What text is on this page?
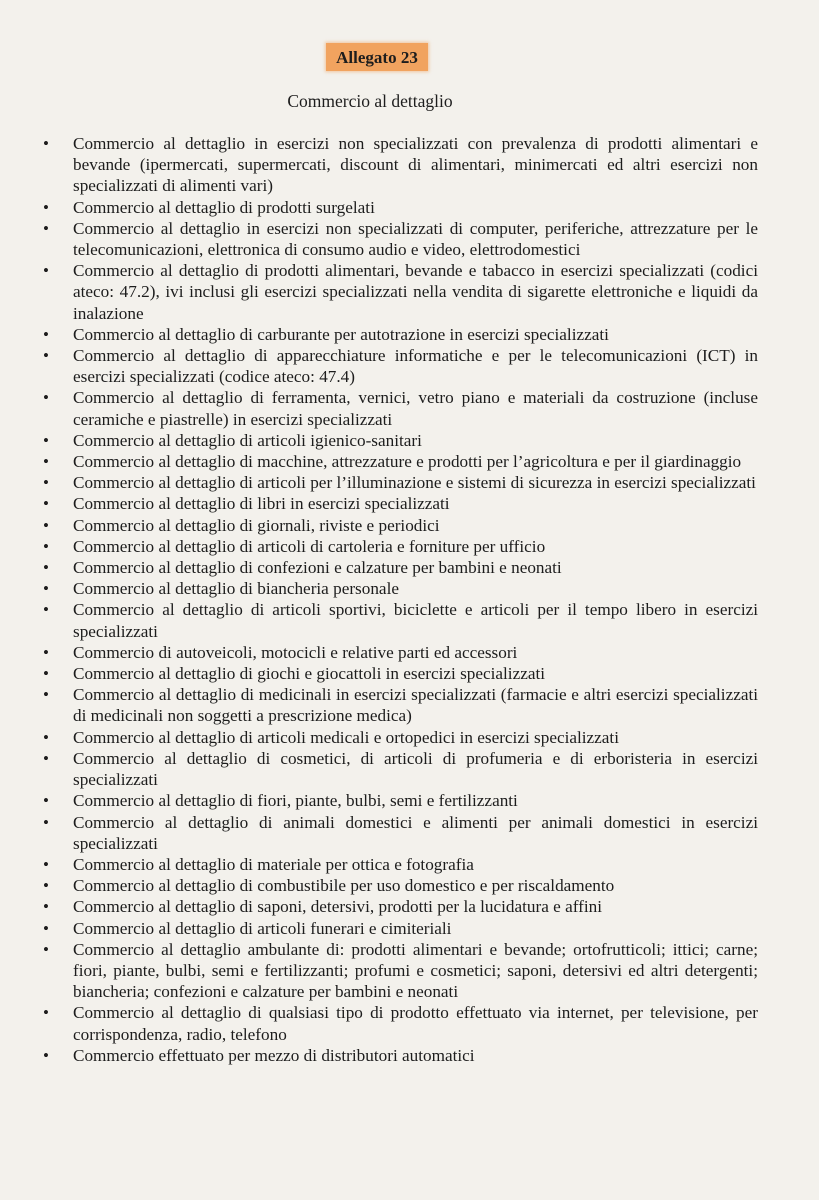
Allegato 23
Commercio al dettaglio
• Commercio al dettaglio in esercizi non specializzati con prevalenza di prodotti alimentari e bevande (ipermercati, supermercati, discount di alimentari, minimercati ed altri esercizi non specializzati di alimenti vari)
• Commercio al dettaglio di prodotti surgelati
• Commercio al dettaglio in esercizi non specializzati di computer, periferiche, attrezzature per le telecomunicazioni, elettronica di consumo audio e video, elettrodomestici
• Commercio al dettaglio di prodotti alimentari, bevande e tabacco in esercizi specializzati (codici ateco: 47.2), ivi inclusi gli esercizi specializzati nella vendita di sigarette elettroniche e liquidi da inalazione
• Commercio al dettaglio di carburante per autotrazione in esercizi specializzati
• Commercio al dettaglio di apparecchiature informatiche e per le telecomunicazioni (ICT) in esercizi specializzati (codice ateco: 47.4)
• Commercio al dettaglio di ferramenta, vernici, vetro piano e materiali da costruzione (incluse ceramiche e piastrelle) in esercizi specializzati
• Commercio al dettaglio di articoli igienico-sanitari
• Commercio al dettaglio di macchine, attrezzature e prodotti per l’agricoltura e per il giardinaggio
• Commercio al dettaglio di articoli per l’illuminazione e sistemi di sicurezza in esercizi specializzati
• Commercio al dettaglio di libri in esercizi specializzati
• Commercio al dettaglio di giornali, riviste e periodici
• Commercio al dettaglio di articoli di cartoleria e forniture per ufficio
• Commercio al dettaglio di confezioni e calzature per bambini e neonati
• Commercio al dettaglio di biancheria personale
• Commercio al dettaglio di articoli sportivi, biciclette e articoli per il tempo libero in esercizi specializzati
• Commercio di autoveicoli, motocicli e relative parti ed accessori
• Commercio al dettaglio di giochi e giocattoli in esercizi specializzati
• Commercio al dettaglio di medicinali in esercizi specializzati (farmacie e altri esercizi specializzati di medicinali non soggetti a prescrizione medica)
• Commercio al dettaglio di articoli medicali e ortopedici in esercizi specializzati
• Commercio al dettaglio di cosmetici, di articoli di profumeria e di erboristeria in esercizi specializzati
• Commercio al dettaglio di fiori, piante, bulbi, semi e fertilizzanti
• Commercio al dettaglio di animali domestici e alimenti per animali domestici in esercizi specializzati
• Commercio al dettaglio di materiale per ottica e fotografia
• Commercio al dettaglio di combustibile per uso domestico e per riscaldamento
• Commercio al dettaglio di saponi, detersivi, prodotti per la lucidatura e affini
• Commercio al dettaglio di articoli funerari e cimiteriali
• Commercio al dettaglio ambulante di: prodotti alimentari e bevande; ortofrutticoli; ittici; carne; fiori, piante, bulbi, semi e fertilizzanti; profumi e cosmetici; saponi, detersivi ed altri detergenti; biancheria; confezioni e calzature per bambini e neonati
• Commercio al dettaglio di qualsiasi tipo di prodotto effettuato via internet, per televisione, per corrispondenza, radio, telefono
• Commercio effettuato per mezzo di distributori automatici
